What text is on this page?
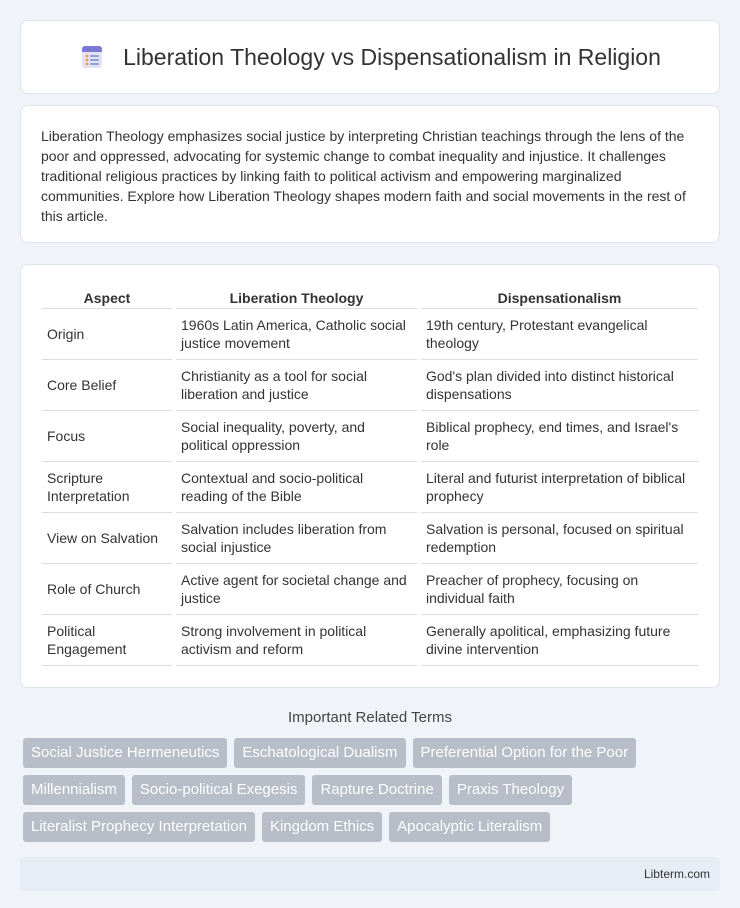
Liberation Theology vs Dispensationalism in Religion

Liberation Theology emphasizes social justice by interpreting Christian teachings through the lens of the poor and oppressed, advocating for systemic change to combat inequality and injustice. It challenges traditional religious practices by linking faith to political activism and empowering marginalized communities. Explore how Liberation Theology shapes modern faith and social movements in the rest of this article.

Aspect	Liberation Theology	Dispensationalism
Origin	1960s Latin America, Catholic social justice movement	19th century, Protestant evangelical theology
Core Belief	Christianity as a tool for social liberation and justice	God's plan divided into distinct historical dispensations
Focus	Social inequality, poverty, and political oppression	Biblical prophecy, end times, and Israel's role
Scripture Interpretation	Contextual and socio-political reading of the Bible	Literal and futurist interpretation of biblical prophecy
View on Salvation	Salvation includes liberation from social injustice	Salvation is personal, focused on spiritual redemption
Role of Church	Active agent for societal change and justice	Preacher of prophecy, focusing on individual faith
Political Engagement	Strong involvement in political activism and reform	Generally apolitical, emphasizing future divine intervention
Important Related Terms
Social Justice Hermeneutics	Eschatological Dualism	Preferential Option for the Poor
Millennialism	Socio-political Exegesis	Rapture Doctrine	Praxis Theology
Literalist Prophecy Interpretation	Kingdom Ethics	Apocalyptic Literalism
Libterm.com
